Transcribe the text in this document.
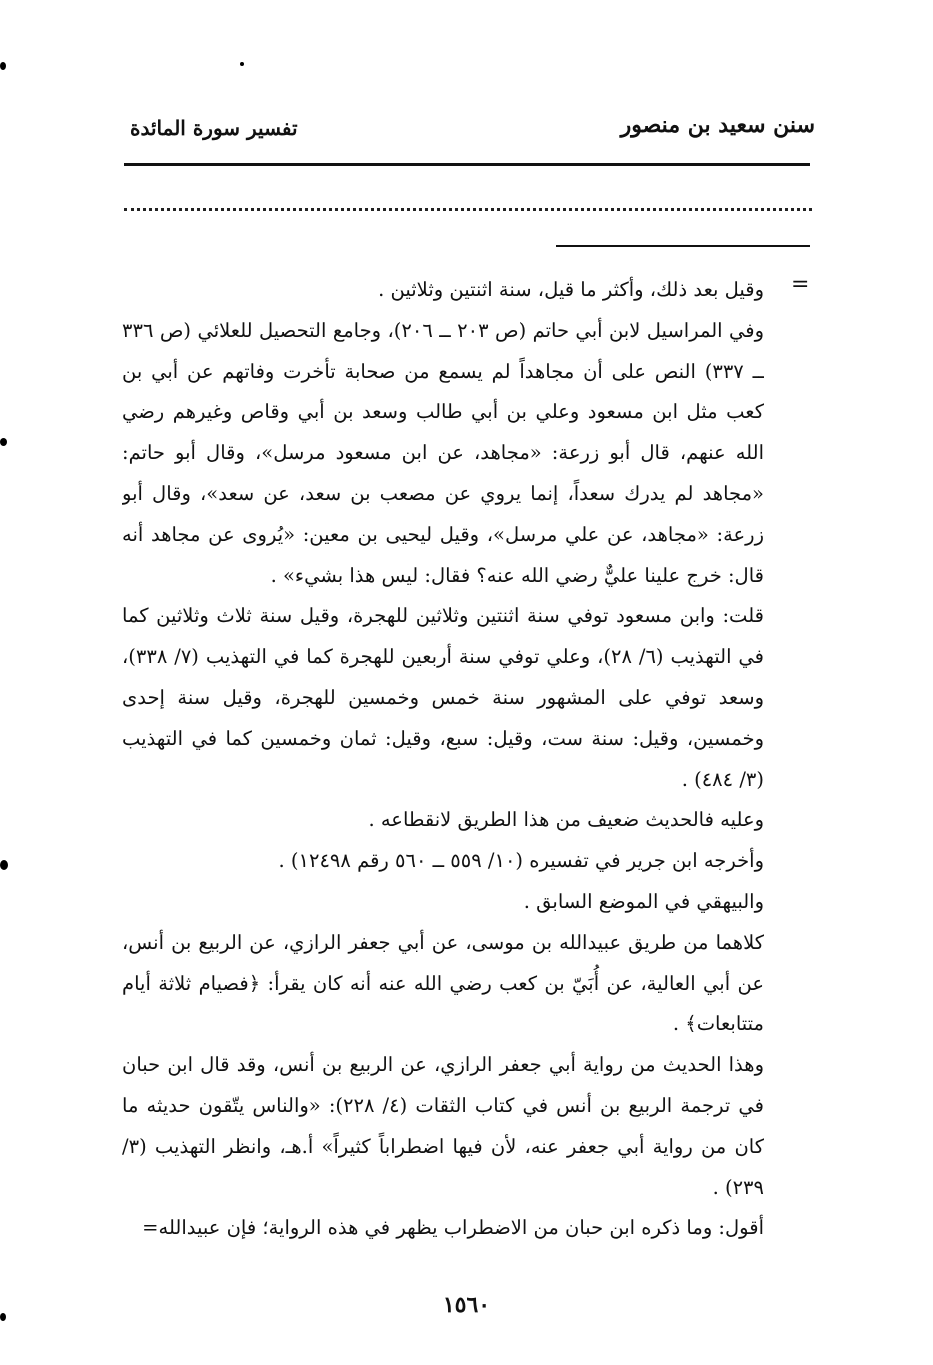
سنن سعيد بن منصور
تفسير سورة المائدة
=

وقيل بعد ذلك، وأكثر ما قيل، سنة اثنتين وثلاثين .

وفي المراسيل لابن أبي حاتم (ص ٢٠٣ ــ ٢٠٦)، وجامع التحصيل للعلائي (ص ٣٣٦ ــ ٣٣٧) النص على أن مجاهداً لم يسمع من صحابة تأخرت وفاتهم عن أبي بن كعب مثل ابن مسعود وعلي بن أبي طالب وسعد بن أبي وقاص وغيرهم رضي الله عنهم، قال أبو زرعة: «مجاهد، عن ابن مسعود مرسل»، وقال أبو حاتم: «مجاهد لم يدرك سعداً، إنما يروي عن مصعب بن سعد، عن سعد»، وقال أبو زرعة: «مجاهد، عن علي مرسل»، وقيل ليحيى بن معين: «يُروى عن مجاهد أنه قال: خرج علينا عليٌّ رضي الله عنه؟ فقال: ليس هذا بشيء» .

قلت: وابن مسعود توفي سنة اثنتين وثلاثين للهجرة، وقيل سنة ثلاث وثلاثين كما في التهذيب (٦/ ٢٨)، وعلي توفي سنة أربعين للهجرة كما في التهذيب (٧/ ٣٣٨)، وسعد توفي على المشهور سنة خمس وخمسين للهجرة، وقيل سنة إحدى وخمسين، وقيل: سنة ست، وقيل: سبع، وقيل: ثمان وخمسين كما في التهذيب (٣/ ٤٨٤) .

وعليه فالحديث ضعيف من هذا الطريق لانقطاعه .

وأخرجه ابن جرير في تفسيره (١٠/ ٥٥٩ ــ ٥٦٠ رقم ١٢٤٩٨) .

والبيهقي في الموضع السابق .

كلاهما من طريق عبيدالله بن موسى، عن أبي جعفر الرازي، عن الربيع بن أنس، عن أبي العالية، عن أُبَيّ بن كعب رضي الله عنه أنه كان يقرأ: ﴿فصيام ثلاثة أيام متتابعات﴾ .

وهذا الحديث من رواية أبي جعفر الرازي، عن الربيع بن أنس، وقد قال ابن حبان في ترجمة الربيع بن أنس في كتاب الثقات (٤/ ٢٢٨): «والناس يتّقون حديثه ما كان من رواية أبي جعفر عنه، لأن فيها اضطراباً كثيراً» أ.هـ، وانظر التهذيب (٣/ ٢٣٩) .

أقول: وما ذكره ابن حبان من الاضطراب يظهر في هذه الرواية؛ فإن عبيدالله=

١٥٦٠
